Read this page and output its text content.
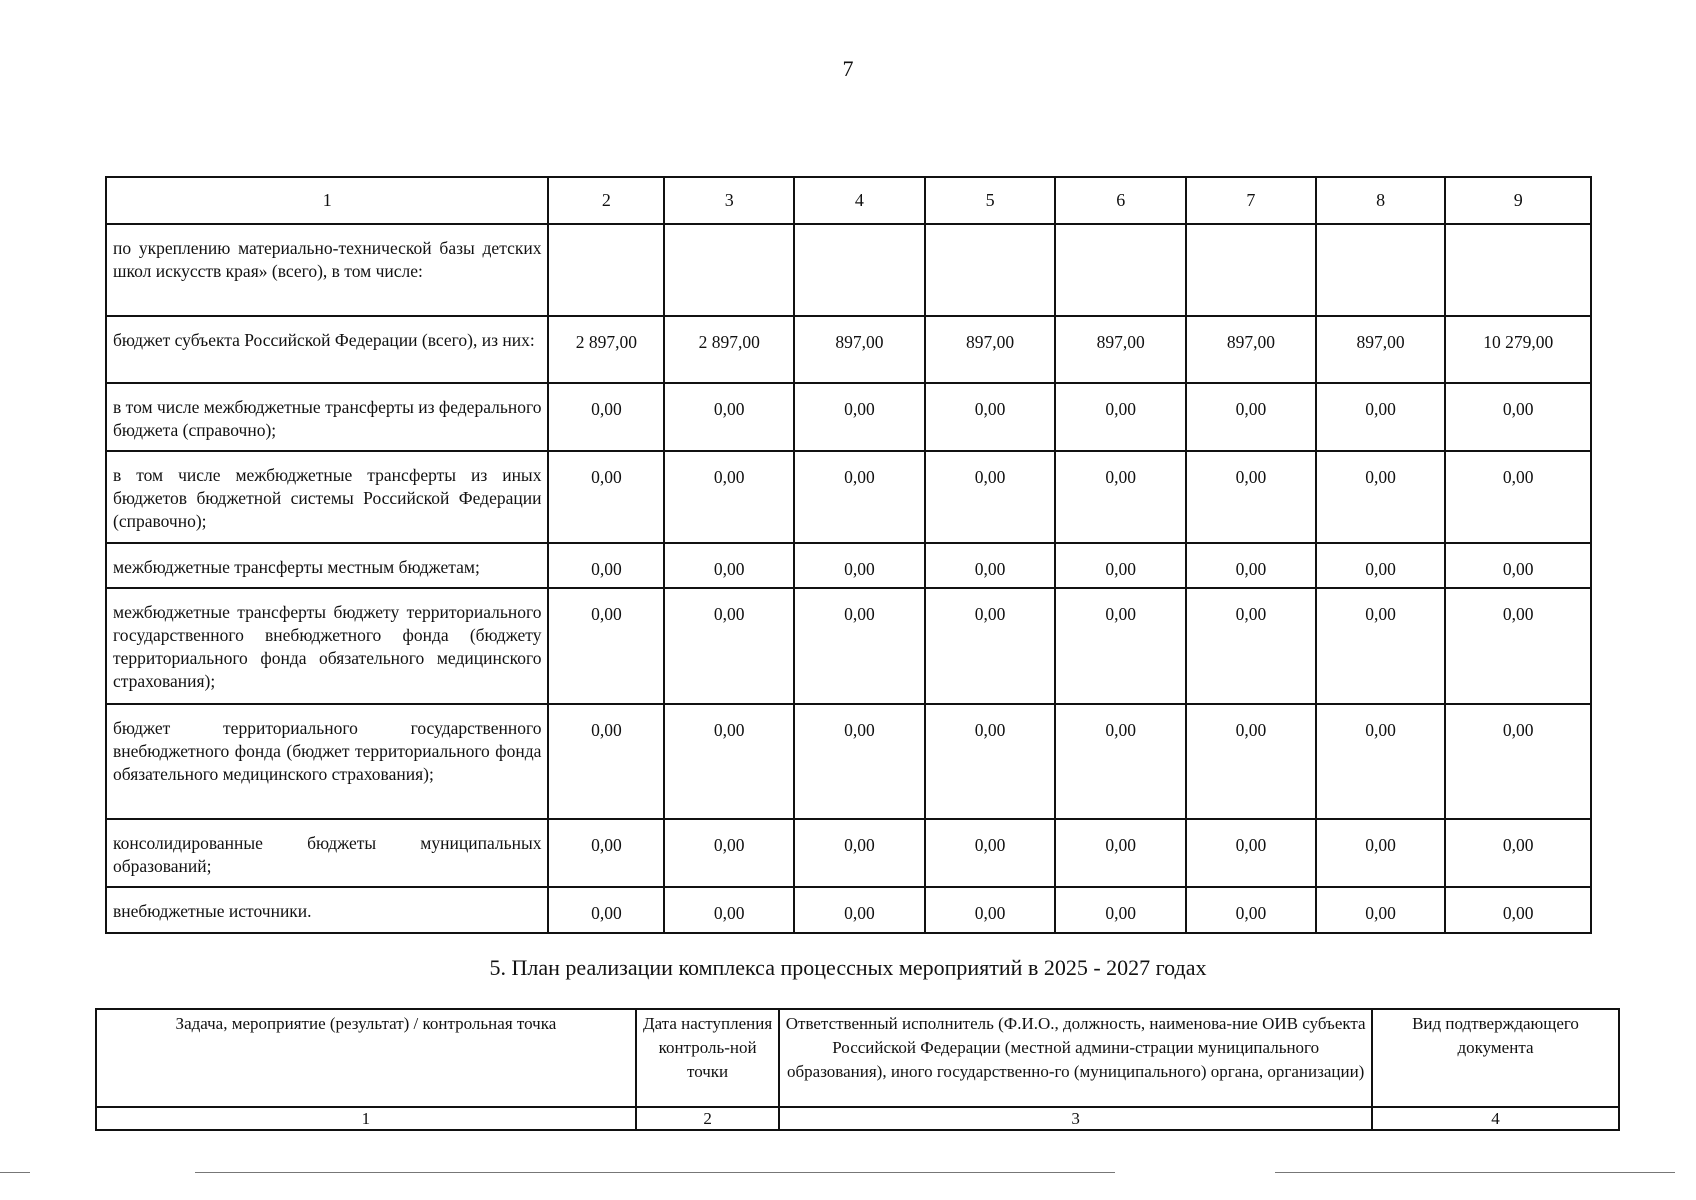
7
1	2	3	4	5	6	7	8	9
по укреплению материально-технической базы детских школ искусств края» (всего), в том числе:								
бюджет субъекта Российской Федерации (всего), из них:	2 897,00	2 897,00	897,00	897,00	897,00	897,00	897,00	10 279,00
в том числе межбюджетные трансферты из федерального бюджета (справочно);	0,00	0,00	0,00	0,00	0,00	0,00	0,00	0,00
в том числе межбюджетные трансферты из иных бюджетов бюджетной системы Российской Федерации (справочно);	0,00	0,00	0,00	0,00	0,00	0,00	0,00	0,00
межбюджетные трансферты местным бюджетам;	0,00	0,00	0,00	0,00	0,00	0,00	0,00	0,00
межбюджетные трансферты бюджету территориального государственного внебюджетного фонда (бюджету территориального фонда обязательного медицинского страхования);	0,00	0,00	0,00	0,00	0,00	0,00	0,00	0,00
бюджет территориального государственного внебюджетного фонда (бюджет территориального фонда обязательного медицинского страхования);	0,00	0,00	0,00	0,00	0,00	0,00	0,00	0,00
консолидированные бюджеты муниципальных образований;	0,00	0,00	0,00	0,00	0,00	0,00	0,00	0,00
внебюджетные источники.	0,00	0,00	0,00	0,00	0,00	0,00	0,00	0,00
5. План реализации комплекса процессных мероприятий в 2025 - 2027 годах
Задача, мероприятие (результат) / контрольная точка	Дата наступления контроль-ной точки	Ответственный исполнитель (Ф.И.О., должность, наименова-ние ОИВ субъекта Российской Федерации (местной админи-страции муниципального образования), иного государственно-го (муниципального) органа, организации)	Вид подтверждающего документа
1	2	3	4
